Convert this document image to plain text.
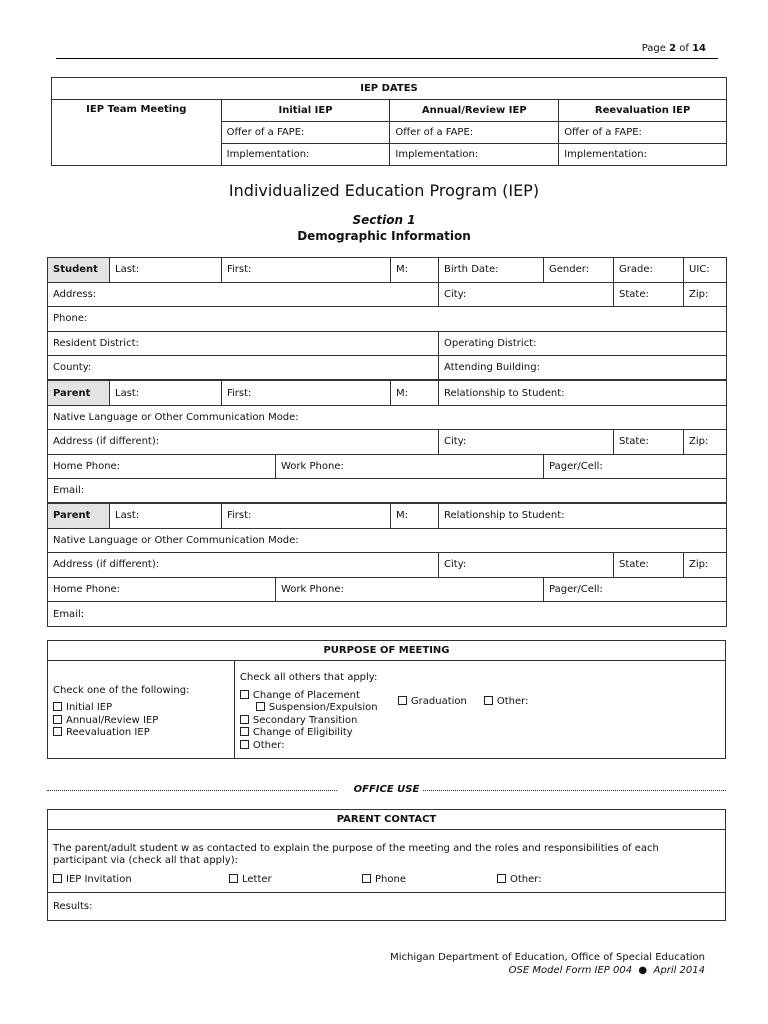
Page 2 of 14
IEP DATES			
IEP Team Meeting	Initial IEP	Annual/Review IEP	Reevaluation IEP
	Offer of a FAPE:	Offer of a FAPE:	Offer of a FAPE:
	Implementation:	Implementation:	Implementation:
Individualized Education Program (IEP)
Section 1
Demographic Information
Student	Last:	First:		M:	Birth Date:	Gender:	Grade:	UIC:
Address:					City:		State:	Zip:
Phone:								
Resident District:					Operating District:			
County:					Attending Building:			
Parent	Last:	First:		M:	Relationship to Student:			
Native Language or Other Communication Mode:								
Address (if different):					City:		State:	Zip:
Home Phone:			Work Phone:			Pager/Cell:		
Email:								
Parent	Last:	First:		M:	Relationship to Student:			
Native Language or Other Communication Mode:								
Address (if different):					City:		State:	Zip:
Home Phone:			Work Phone:			Pager/Cell:		
Email:								
PURPOSE OF MEETING

Check one of the following:
Initial IEP
Annual/Review IEP
Reevaluation IEP

Check all others that apply:
Change of Placement
Suspension/Expulsion
Graduation	Other:
Secondary Transition
Change of Eligibility
Other:
OFFICE USE
PARENT CONTACT

The parent/adult student w as contacted to explain the purpose of the meeting and the roles and responsibilities of each
participant via (check all that apply):
IEP Invitation	Letter	Phone	Other:

Results:
Michigan Department of Education, Office of Special Education
OSE Model Form IEP 004 ● April 2014
